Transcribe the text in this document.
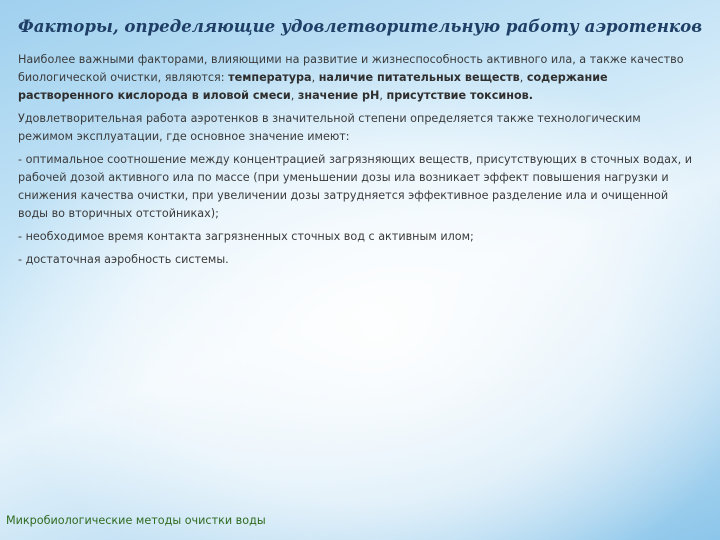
Факторы, определяющие удовлетворительную работу аэротенков

Наиболее важными факторами, влияющими на развитие и жизнеспособность активного ила, а также качество биологической очистки, являются: температура, наличие питательных веществ, содержание растворенного кислорода в иловой смеси, значение рН, присутствие токсинов.

Удовлетворительная работа аэротенков в значительной степени определяется также технологическим режимом эксплуатации, где основное значение имеют:

- оптимальное соотношение между концентрацией загрязняющих веществ, присутствующих в сточных водах, и рабочей дозой активного ила по массе (при уменьшении дозы ила возникает эффект повышения нагрузки и снижения качества очистки, при увеличении дозы затрудняется эффективное разделение ила и очищенной воды во вторичных отстойниках);

- необходимое время контакта загрязненных сточных вод с активным илом;

- достаточная аэробность системы.

Микробиологические методы очистки воды
